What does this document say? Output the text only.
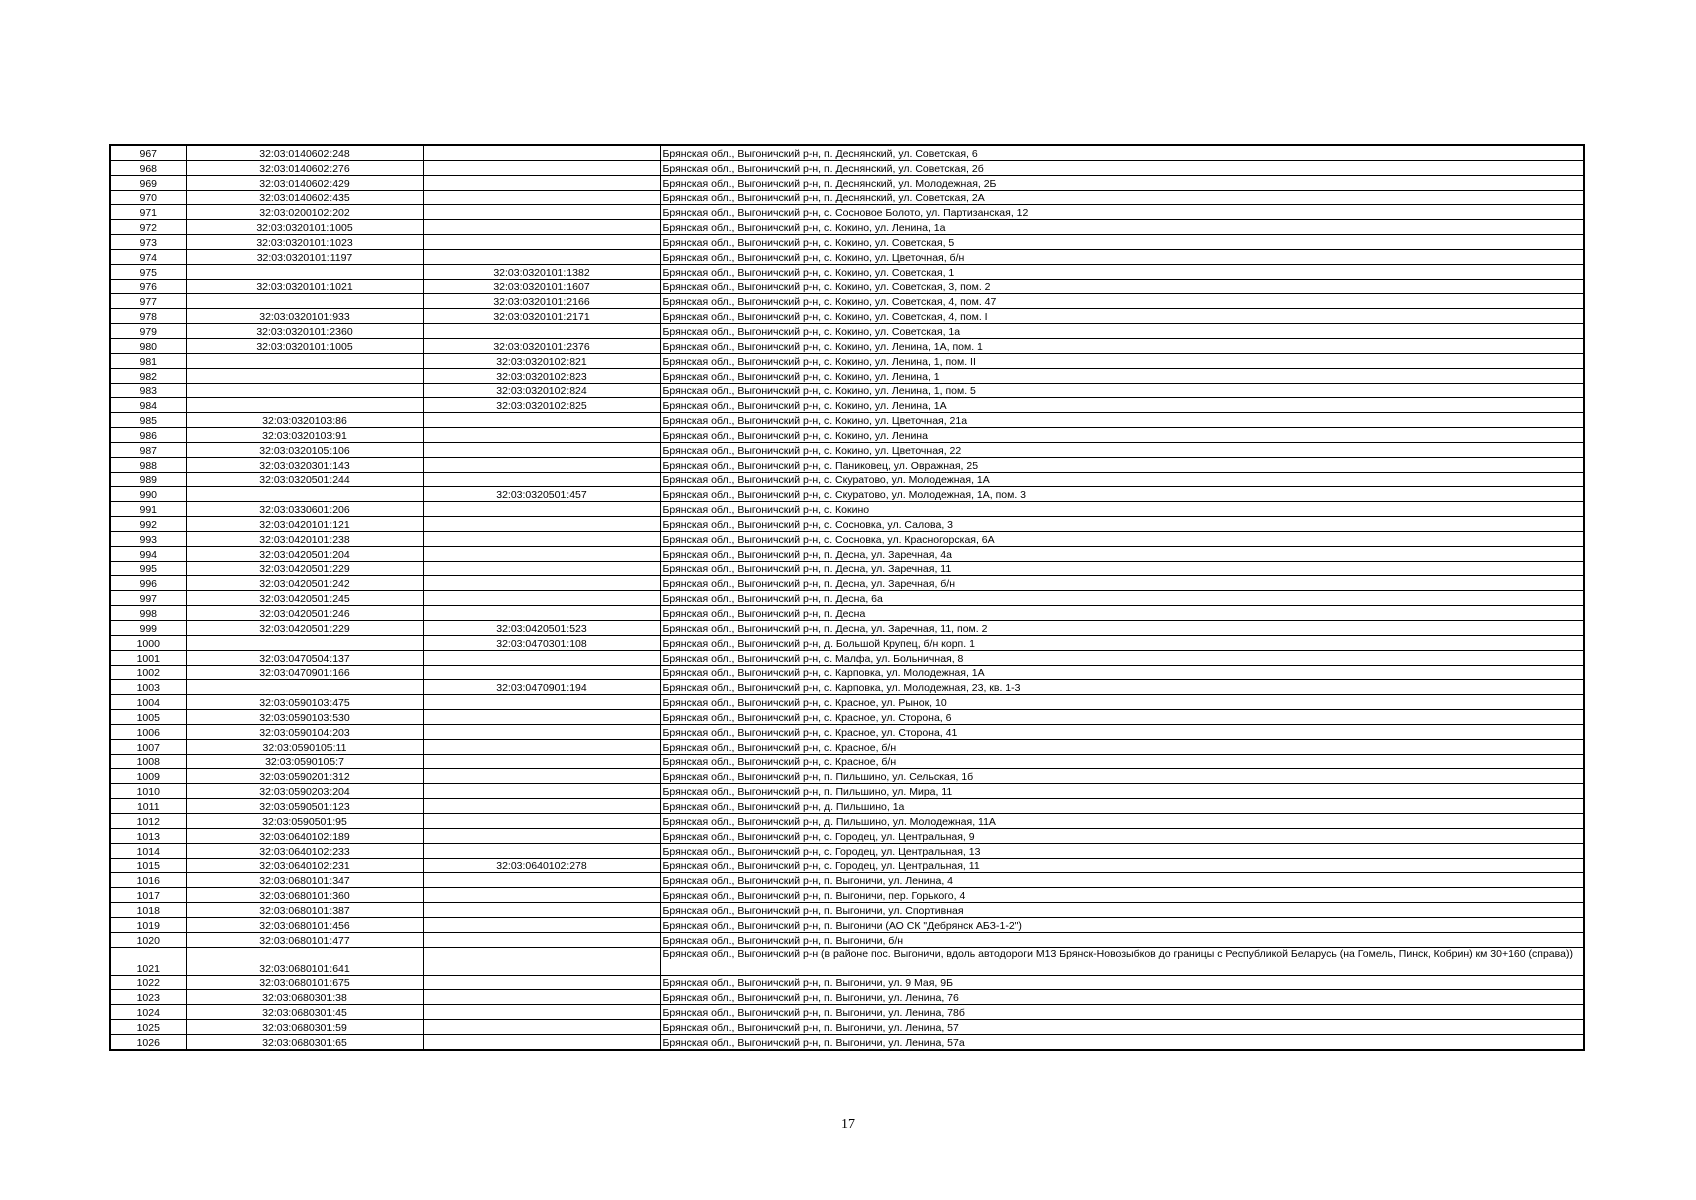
967	32:03:0140602:248		Брянская обл., Выгоничский р-н, п. Деснянский, ул. Советская, 6
968	32:03:0140602:276		Брянская обл., Выгоничский р-н, п. Деснянский, ул. Советская, 2б
969	32:03:0140602:429		Брянская обл., Выгоничский р-н, п. Деснянский, ул. Молодежная, 2Б
970	32:03:0140602:435		Брянская обл., Выгоничский р-н, п. Деснянский, ул. Советская, 2А
971	32:03:0200102:202		Брянская обл., Выгоничский р-н, с. Сосновое Болото, ул. Партизанская, 12
972	32:03:0320101:1005		Брянская обл., Выгоничский р-н, с. Кокино, ул. Ленина, 1а
973	32:03:0320101:1023		Брянская обл., Выгоничский р-н, с. Кокино, ул. Советская, 5
974	32:03:0320101:1197		Брянская обл., Выгоничский р-н, с. Кокино, ул. Цветочная, б/н
975		32:03:0320101:1382	Брянская обл., Выгоничский р-н, с. Кокино, ул. Советская, 1
976	32:03:0320101:1021	32:03:0320101:1607	Брянская обл., Выгоничский р-н, с. Кокино, ул. Советская, 3, пом. 2
977		32:03:0320101:2166	Брянская обл., Выгоничский р-н, с. Кокино, ул. Советская, 4, пом. 47
978	32:03:0320101:933	32:03:0320101:2171	Брянская обл., Выгоничский р-н, с. Кокино, ул. Советская, 4, пом. I
979	32:03:0320101:2360		Брянская обл., Выгоничский р-н, с. Кокино, ул. Советская, 1а
980	32:03:0320101:1005	32:03:0320101:2376	Брянская обл., Выгоничский р-н, с. Кокино, ул. Ленина, 1А, пом. 1
981		32:03:0320102:821	Брянская обл., Выгоничский р-н, с. Кокино, ул. Ленина, 1, пом. II
982		32:03:0320102:823	Брянская обл., Выгоничский р-н, с. Кокино, ул. Ленина, 1
983		32:03:0320102:824	Брянская обл., Выгоничский р-н, с. Кокино, ул. Ленина, 1, пом. 5
984		32:03:0320102:825	Брянская обл., Выгоничский р-н, с. Кокино, ул. Ленина, 1А
985	32:03:0320103:86		Брянская обл., Выгоничский р-н, с. Кокино, ул. Цветочная, 21а
986	32:03:0320103:91		Брянская обл., Выгоничский р-н, с. Кокино, ул. Ленина
987	32:03:0320105:106		Брянская обл., Выгоничский р-н, с. Кокино, ул. Цветочная, 22
988	32:03:0320301:143		Брянская обл., Выгоничский р-н, с. Паниковец, ул. Овражная, 25
989	32:03:0320501:244		Брянская обл., Выгоничский р-н, с. Скуратово, ул. Молодежная, 1А
990		32:03:0320501:457	Брянская обл., Выгоничский р-н, с. Скуратово, ул. Молодежная, 1А, пом. 3
991	32:03:0330601:206		Брянская обл., Выгоничский р-н, с. Кокино
992	32:03:0420101:121		Брянская обл., Выгоничский р-н, с. Сосновка, ул. Салова, 3
993	32:03:0420101:238		Брянская обл., Выгоничский р-н, с. Сосновка, ул. Красногорская, 6А
994	32:03:0420501:204		Брянская обл., Выгоничский р-н, п. Десна, ул. Заречная, 4а
995	32:03:0420501:229		Брянская обл., Выгоничский р-н, п. Десна, ул. Заречная, 11
996	32:03:0420501:242		Брянская обл., Выгоничский р-н, п. Десна, ул. Заречная, б/н
997	32:03:0420501:245		Брянская обл., Выгоничский р-н, п. Десна, 6а
998	32:03:0420501:246		Брянская обл., Выгоничский р-н, п. Десна
999	32:03:0420501:229	32:03:0420501:523	Брянская обл., Выгоничский р-н, п. Десна, ул. Заречная, 11, пом. 2
1000		32:03:0470301:108	Брянская обл., Выгоничский р-н, д. Большой Крупец, б/н корп. 1
1001	32:03:0470504:137		Брянская обл., Выгоничский р-н, с. Малфа, ул. Больничная, 8
1002	32:03:0470901:166		Брянская обл., Выгоничский р-н, с. Карповка, ул. Молодежная, 1А
1003		32:03:0470901:194	Брянская обл., Выгоничский р-н, с. Карповка, ул. Молодежная, 23, кв. 1-3
1004	32:03:0590103:475		Брянская обл., Выгоничский р-н, с. Красное, ул. Рынок, 10
1005	32:03:0590103:530		Брянская обл., Выгоничский р-н, с. Красное, ул. Сторона, 6
1006	32:03:0590104:203		Брянская обл., Выгоничский р-н, с. Красное, ул. Сторона, 41
1007	32:03:0590105:11		Брянская обл., Выгоничский р-н, с. Красное, б/н
1008	32:03:0590105:7		Брянская обл., Выгоничский р-н, с. Красное, б/н
1009	32:03:0590201:312		Брянская обл., Выгоничский р-н, п. Пильшино, ул. Сельская, 1б
1010	32:03:0590203:204		Брянская обл., Выгоничский р-н, п. Пильшино, ул. Мира, 11
1011	32:03:0590501:123		Брянская обл., Выгоничский р-н, д. Пильшино, 1а
1012	32:03:0590501:95		Брянская обл., Выгоничский р-н, д. Пильшино, ул. Молодежная, 11А
1013	32:03:0640102:189		Брянская обл., Выгоничский р-н, с. Городец, ул. Центральная, 9
1014	32:03:0640102:233		Брянская обл., Выгоничский р-н, с. Городец, ул. Центральная, 13
1015	32:03:0640102:231	32:03:0640102:278	Брянская обл., Выгоничский р-н, с. Городец, ул. Центральная, 11
1016	32:03:0680101:347		Брянская обл., Выгоничский р-н, п. Выгоничи, ул. Ленина, 4
1017	32:03:0680101:360		Брянская обл., Выгоничский р-н, п. Выгоничи, пер. Горького, 4
1018	32:03:0680101:387		Брянская обл., Выгоничский р-н, п. Выгоничи, ул. Спортивная
1019	32:03:0680101:456		Брянская обл., Выгоничский р-н, п. Выгоничи (АО СК "Дебрянск АБЗ-1-2")
1020	32:03:0680101:477		Брянская обл., Выгоничский р-н, п. Выгоничи, б/н
1021	32:03:0680101:641		Брянская обл., Выгоничский р-н (в районе пос. Выгоничи, вдоль автодороги М13 Брянск-Новозыбков до границы с Республикой Беларусь (на Гомель, Пинск, Кобрин) км 30+160 (справа))
1022	32:03:0680101:675		Брянская обл., Выгоничский р-н, п. Выгоничи, ул. 9 Мая, 9Б
1023	32:03:0680301:38		Брянская обл., Выгоничский р-н, п. Выгоничи, ул. Ленина, 76
1024	32:03:0680301:45		Брянская обл., Выгоничский р-н, п. Выгоничи, ул. Ленина, 78б
1025	32:03:0680301:59		Брянская обл., Выгоничский р-н, п. Выгоничи, ул. Ленина, 57
1026	32:03:0680301:65		Брянская обл., Выгоничский р-н, п. Выгоничи, ул. Ленина, 57а
17
